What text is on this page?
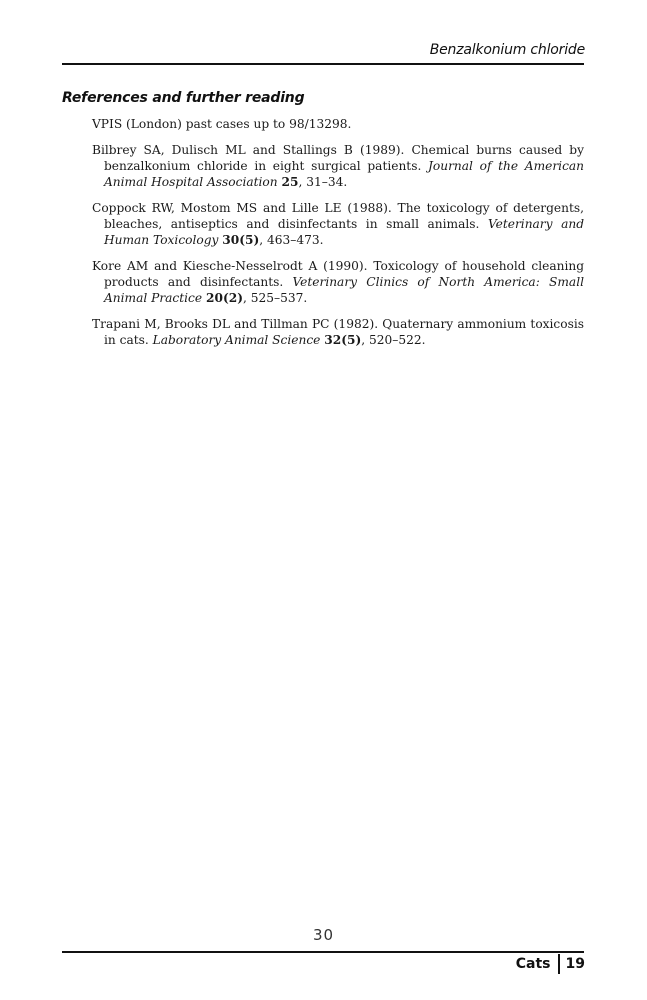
Benzalkonium chloride
References and further reading

VPIS (London) past cases up to 98/13298.

Bilbrey SA, Dulisch ML and Stallings B (1989). Chemical burns caused by benzalkonium chloride in eight surgical patients. Journal of the American Animal Hospital Association 25, 31–34.

Coppock RW, Mostom MS and Lille LE (1988). The toxicology of detergents, bleaches, antiseptics and disinfectants in small animals. Veterinary and Human Toxicology 30(5), 463–473.

Kore AM and Kiesche-Nesselrodt A (1990). Toxicology of household cleaning products and disinfectants. Veterinary Clinics of North America: Small Animal Practice 20(2), 525–537.

Trapani M, Brooks DL and Tillman PC (1982). Quaternary ammonium toxicosis in cats. Laboratory Animal Science 32(5), 520–522.

30
Cats 19
